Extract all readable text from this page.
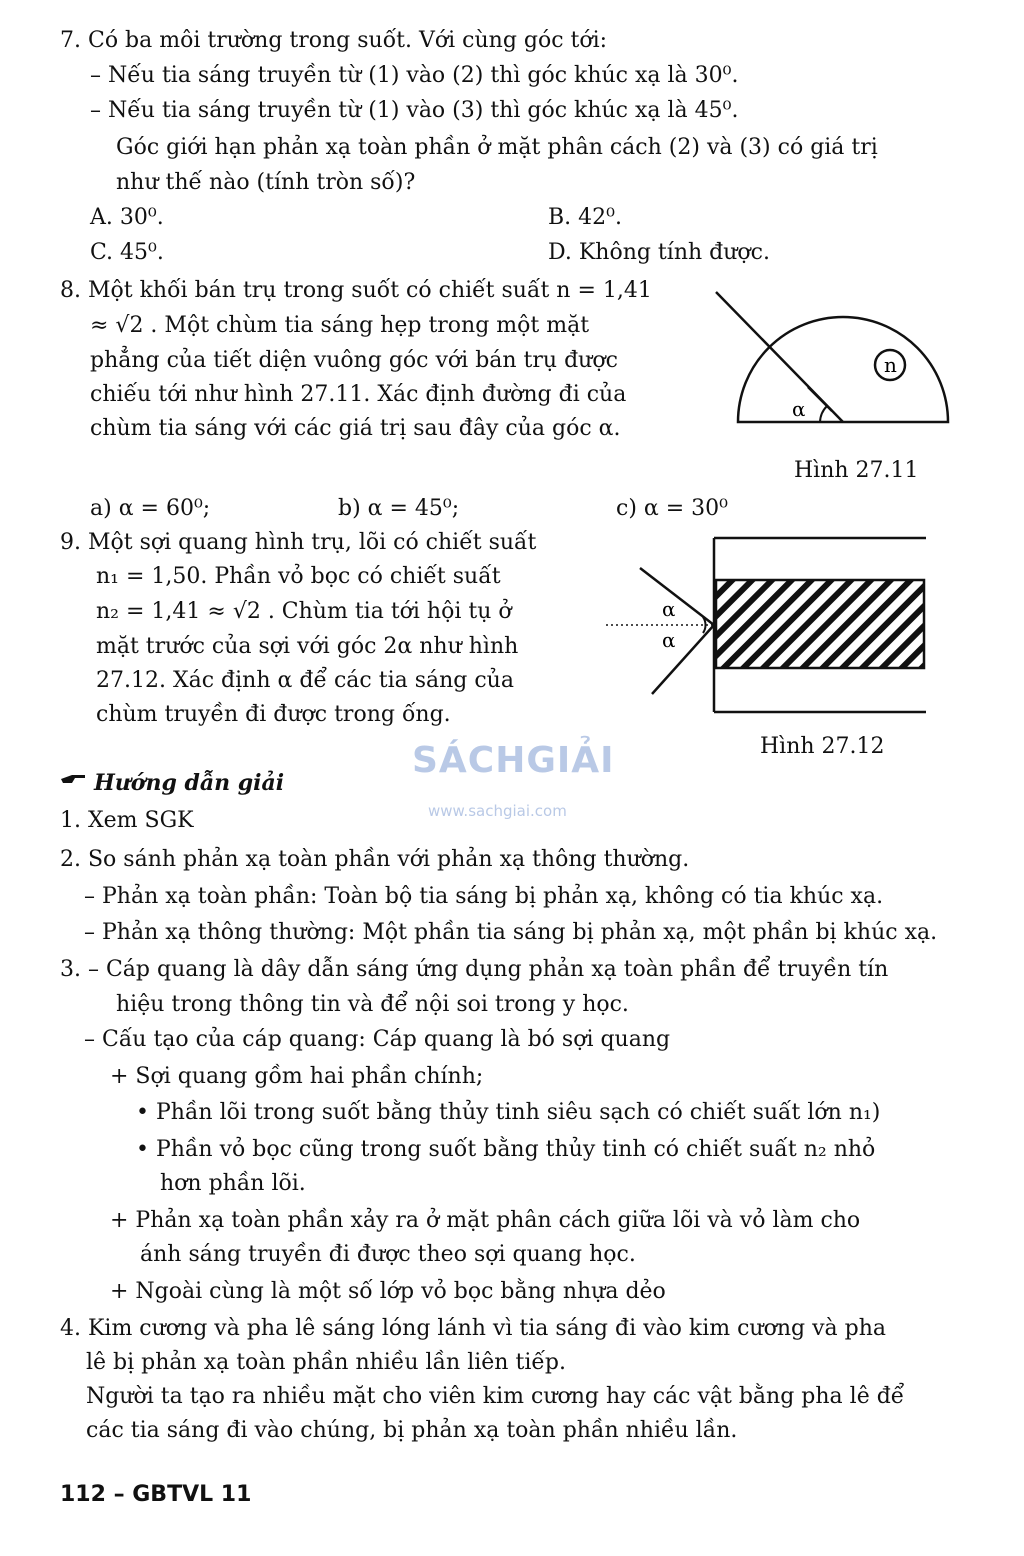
7. Có ba môi trường trong suốt. Với cùng góc tới:
– Nếu tia sáng truyền từ (1) vào (2) thì góc khúc xạ là 30⁰.
– Nếu tia sáng truyền từ (1) vào (3) thì góc khúc xạ là 45⁰.
Góc giới hạn phản xạ toàn phần ở mặt phân cách (2) và (3) có giá trị
như thế nào (tính tròn số)?
A. 30⁰.	B. 42⁰.
C. 45⁰.	D. Không tính được.
8. Một khối bán trụ trong suốt có chiết suất n = 1,41
≈ √2 . Một chùm tia sáng hẹp trong một mặt
phẳng của tiết diện vuông góc với bán trụ được
chiếu tới như hình 27.11. Xác định đường đi của
chùm tia sáng với các giá trị sau đây của góc α.
n
α
Hình 27.11
a) α = 60⁰;	b) α = 45⁰;	c) α = 30⁰
9. Một sợi quang hình trụ, lõi có chiết suất
n₁ = 1,50. Phần vỏ bọc có chiết suất
n₂ = 1,41 ≈ √2 . Chùm tia tới hội tụ ở
mặt trước của sợi với góc 2α như hình
27.12. Xác định α để các tia sáng của
chùm truyền đi được trong ống.
α
α
Hình 27.12
SÁCHGIẢI
www.sachgiai.com
Hướng dẫn giải
1. Xem SGK
2. So sánh phản xạ toàn phần với phản xạ thông thường.
– Phản xạ toàn phần: Toàn bộ tia sáng bị phản xạ, không có tia khúc xạ.
– Phản xạ thông thường: Một phần tia sáng bị phản xạ, một phần bị khúc xạ.
3. – Cáp quang là dây dẫn sáng ứng dụng phản xạ toàn phần để truyền tín
hiệu trong thông tin và để nội soi trong y học.
– Cấu tạo của cáp quang: Cáp quang là bó sợi quang
+ Sợi quang gồm hai phần chính;
• Phần lõi trong suốt bằng thủy tinh siêu sạch có chiết suất lớn n₁)
• Phần vỏ bọc cũng trong suốt bằng thủy tinh có chiết suất n₂ nhỏ
hơn phần lõi.
+ Phản xạ toàn phần xảy ra ở mặt phân cách giữa lõi và vỏ làm cho
ánh sáng truyền đi được theo sợi quang học.
+ Ngoài cùng là một số lớp vỏ bọc bằng nhựa dẻo
4. Kim cương và pha lê sáng lóng lánh vì tia sáng đi vào kim cương và pha
lê bị phản xạ toàn phần nhiều lần liên tiếp.
Người ta tạo ra nhiều mặt cho viên kim cương hay các vật bằng pha lê để
các tia sáng đi vào chúng, bị phản xạ toàn phần nhiều lần.
112 – GBTVL 11
